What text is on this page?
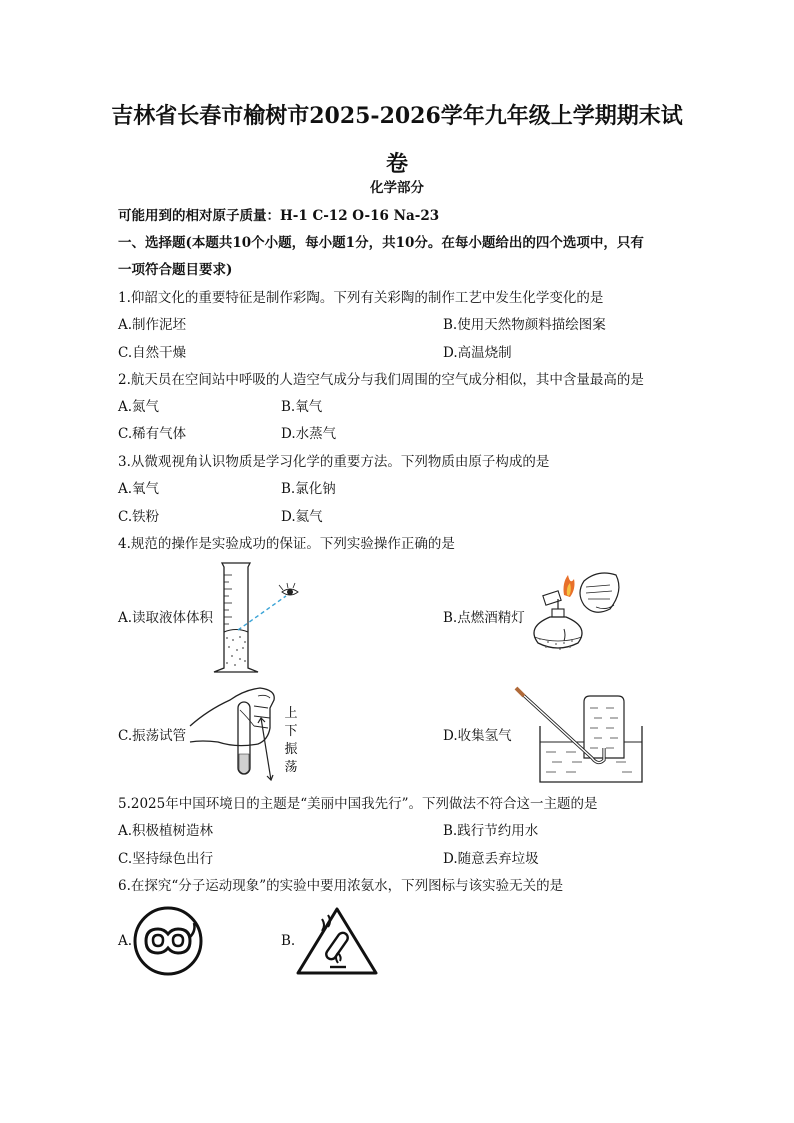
吉林省长春市榆树市2025-2026学年九年级上学期期末试
卷
化学部分
可能用到的相对原子质量：H-1 C-12 O-16 Na-23
一、选择题(本题共10个小题，每小题1分，共10分。在每小题给出的四个选项中，只有
一项符合题目要求)
1.仰韶文化的重要特征是制作彩陶。下列有关彩陶的制作工艺中发生化学变化的是
A.制作泥坯	B.使用天然物颜料描绘图案
C.自然干燥	D.高温烧制
2.航天员在空间站中呼吸的人造空气成分与我们周围的空气成分相似，其中含量最高的是
A.氮气	B.氧气
C.稀有气体	D.水蒸气
3.从微观视角认识物质是学习化学的重要方法。下列物质由原子构成的是
A.氧气	B.氯化钠
C.铁粉	D.氦气
4.规范的操作是实验成功的保证。下列实验操作正确的是
A.读取液体体积	B.点燃酒精灯
C.振荡试管	D.收集氢气
上
下
振
荡
5.2025年中国环境日的主题是“美丽中国我先行”。下列做法不符合这一主题的是
A.积极植树造林	B.践行节约用水
C.坚持绿色出行	D.随意丢弃垃圾
6.在探究“分子运动现象”的实验中要用浓氨水，下列图标与该实验无关的是
A.	B.
